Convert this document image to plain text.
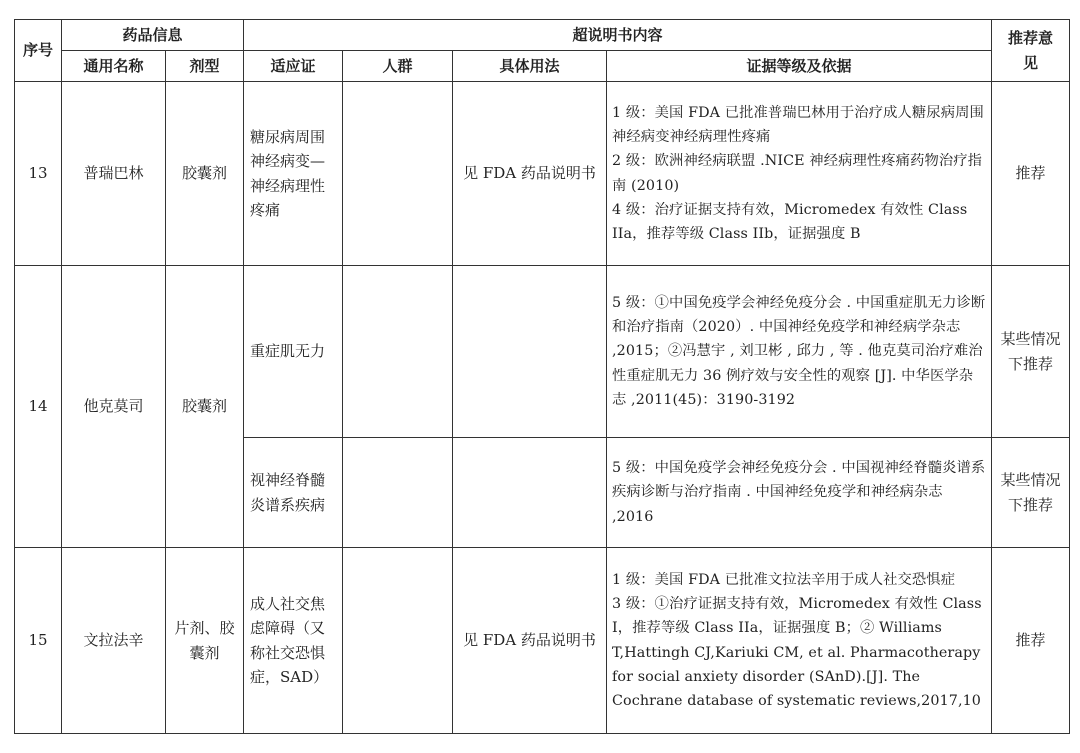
序号	药品信息		超说明书内容				推荐意见
	通用名称	剂型	适应证	人群	具体用法	证据等级及依据	
13	普瑞巴林	胶囊剂	糖尿病周围神经病变—神经病理性疼痛		见 FDA 药品说明书	1 级：美国 FDA 已批准普瑞巴林用于治疗成人糖尿病周围神经病变神经病理性疼痛
2 级：欧洲神经病联盟 .NICE 神经病理性疼痛药物治疗指南 (2010)
4 级：治疗证据支持有效，Micromedex 有效性 Class IIa，推荐等级 Class IIb，证据强度 B	推荐
14	他克莫司	胶囊剂	重症肌无力			5 级：①中国免疫学会神经免疫分会 . 中国重症肌无力诊断和治疗指南（2020）. 中国神经免疫学和神经病学杂志 ,2015；②冯慧宇 , 刘卫彬 , 邱力 , 等 . 他克莫司治疗难治性重症肌无力 36 例疗效与安全性的观察 [J]. 中华医学杂志 ,2011(45)：3190-3192	某些情况下推荐
			视神经脊髓炎谱系疾病			5 级：中国免疫学会神经免疫分会 . 中国视神经脊髓炎谱系疾病诊断与治疗指南 . 中国神经免疫学和神经病杂志 ,2016	某些情况下推荐
15	文拉法辛	片剂、胶囊剂	成人社交焦虑障碍（又称社交恐惧症，SAD）		见 FDA 药品说明书	1 级：美国 FDA 已批准文拉法辛用于成人社交恐惧症
3 级：①治疗证据支持有效，Micromedex 有效性 Class I，推荐等级 Class IIa，证据强度 B；② Williams T,Hattingh CJ,Kariuki CM, et al. Pharmacotherapy for social anxiety disorder (SAnD).[J]. The Cochrane database of systematic reviews,2017,10	推荐
